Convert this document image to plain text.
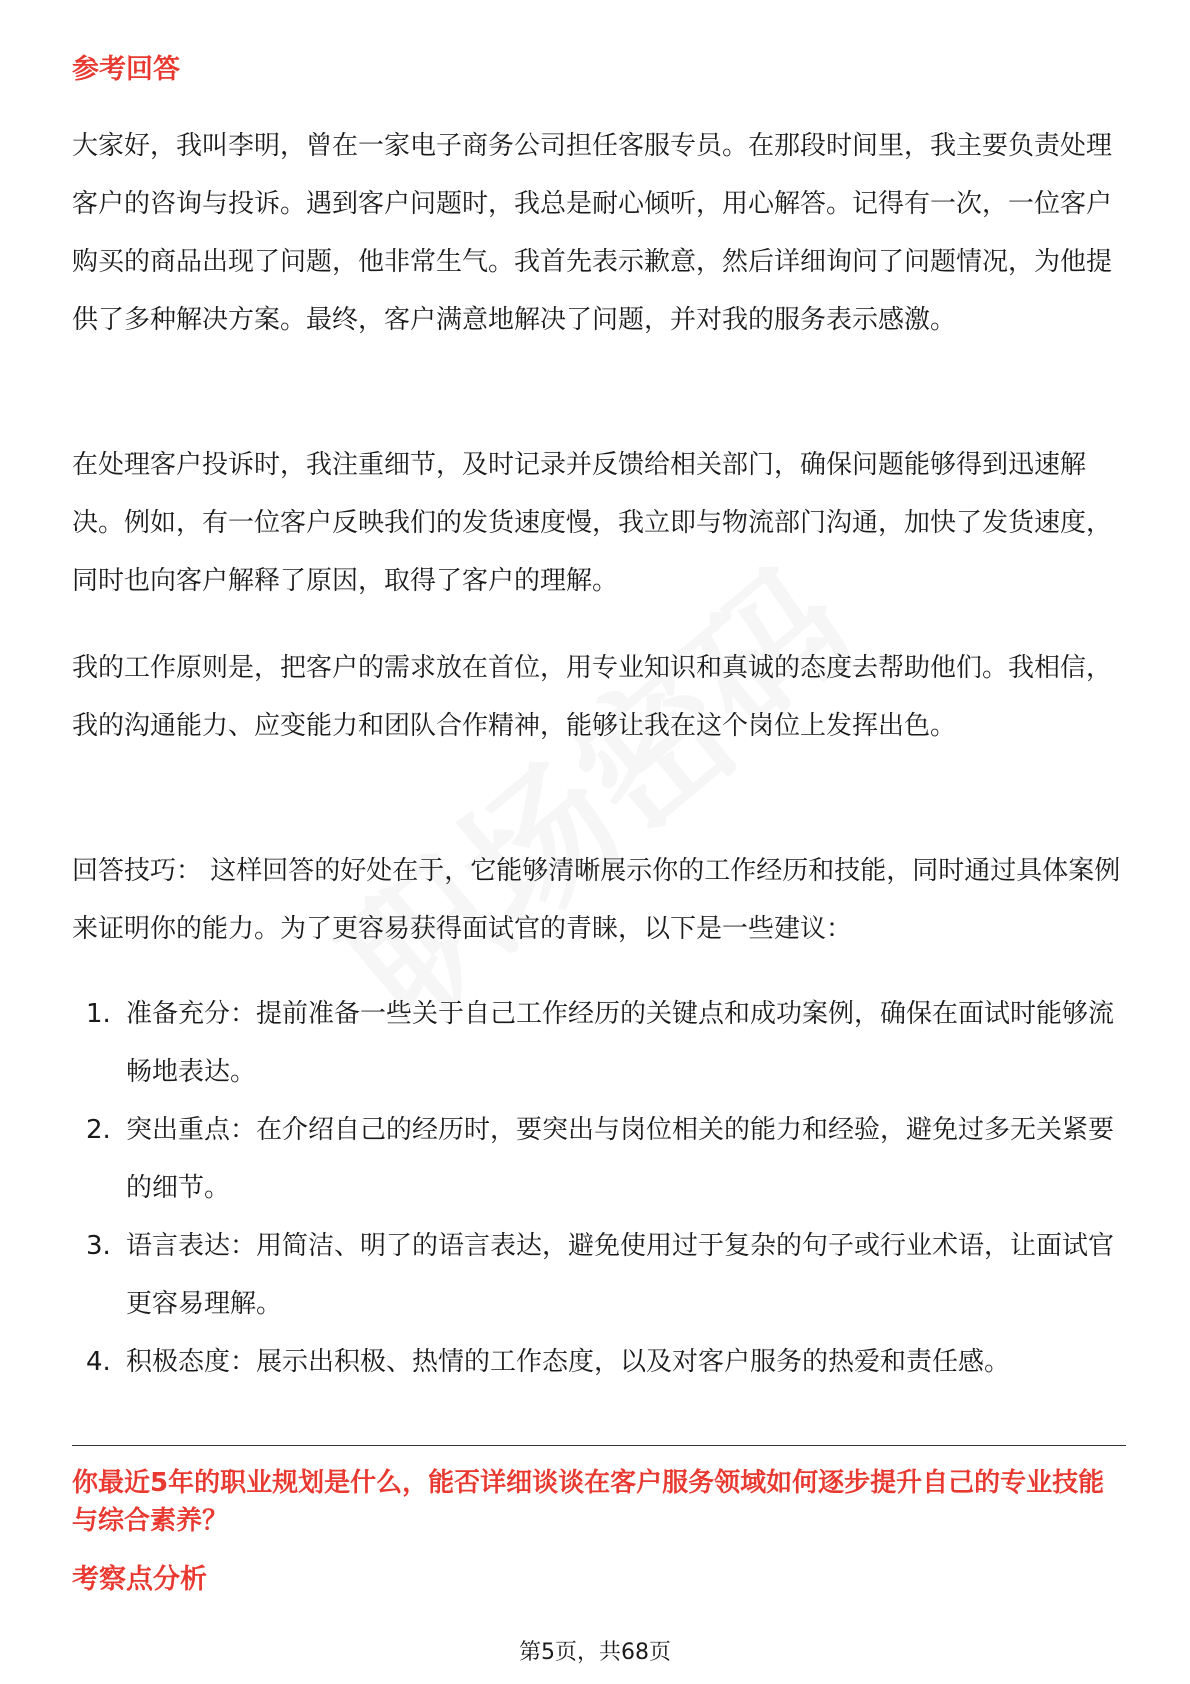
参考回答

大家好，我叫李明，曾在一家电子商务公司担任客服专员。在那段时间里，我主要负责处理客户的咨询与投诉。遇到客户问题时，我总是耐心倾听，用心解答。记得有一次，一位客户购买的商品出现了问题，他非常生气。我首先表示歉意，然后详细询问了问题情况，为他提供了多种解决方案。最终，客户满意地解决了问题，并对我的服务表示感激。

在处理客户投诉时，我注重细节，及时记录并反馈给相关部门，确保问题能够得到迅速解决。例如，有一位客户反映我们的发货速度慢，我立即与物流部门沟通，加快了发货速度，同时也向客户解释了原因，取得了客户的理解。

我的工作原则是，把客户的需求放在首位，用专业知识和真诚的态度去帮助他们。我相信，我的沟通能力、应变能力和团队合作精神，能够让我在这个岗位上发挥出色。

回答技巧： 这样回答的好处在于，它能够清晰展示你的工作经历和技能，同时通过具体案例来证明你的能力。为了更容易获得面试官的青睐，以下是一些建议：

1. 准备充分：提前准备一些关于自己工作经历的关键点和成功案例，确保在面试时能够流畅地表达。
2. 突出重点：在介绍自己的经历时，要突出与岗位相关的能力和经验，避免过多无关紧要的细节。
3. 语言表达：用简洁、明了的语言表达，避免使用过于复杂的句子或行业术语，让面试官更容易理解。
4. 积极态度：展示出积极、热情的工作态度，以及对客户服务的热爱和责任感。
你最近5年的职业规划是什么，能否详细谈谈在客户服务领域如何逐步提升自己的专业技能与综合素养？
考察点分析
第5页，共68页
